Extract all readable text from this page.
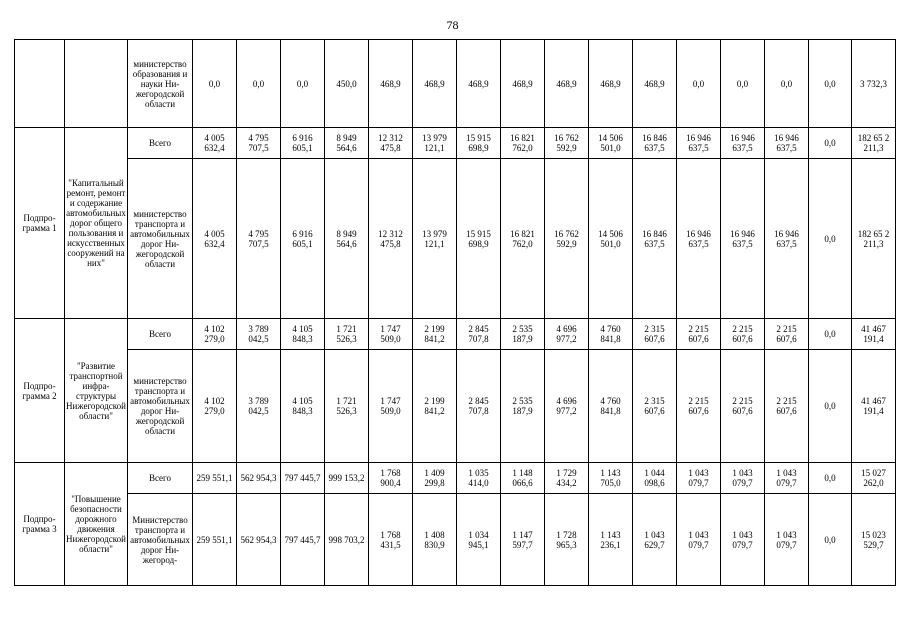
78
		министерство образования и науки Нижегородской области	0,0	0,0	0,0	450,0	468,9	468,9	468,9	468,9	468,9	468,9	468,9	0,0	0,0	0,0	0,0	3 732,3
Подпрограмма 1	"Капитальный ремонт, ремонт и содержание автомобильных дорог общего пользования и искусственных сооружений на них"	Всего	4 005 632,4	4 795 707,5	6 916 605,1	8 949 564,6	12 312 475,8	13 979 121,1	15 915 698,9	16 821 762,0	16 762 592,9	14 506 501,0	16 846 637,5	16 946 637,5	16 946 637,5	16 946 637,5	0,0	182 65 2 211,3
		министерство транспорта и автомобильных дорог Нижегородской области	4 005 632,4	4 795 707,5	6 916 605,1	8 949 564,6	12 312 475,8	13 979 121,1	15 915 698,9	16 821 762,0	16 762 592,9	14 506 501,0	16 846 637,5	16 946 637,5	16 946 637,5	16 946 637,5	0,0	182 65 2 211,3
Подпрограмма 2	"Развитие транспортной инфраструктуры Нижегородской области"	Всего	4 102 279,0	3 789 042,5	4 105 848,3	1 721 526,3	1 747 509,0	2 199 841,2	2 845 707,8	2 535 187,9	4 696 977,2	4 760 841,8	2 315 607,6	2 215 607,6	2 215 607,6	2 215 607,6	0,0	41 467 191,4
		министерство транспорта и автомобильных дорог Нижегородской области	4 102 279,0	3 789 042,5	4 105 848,3	1 721 526,3	1 747 509,0	2 199 841,2	2 845 707,8	2 535 187,9	4 696 977,2	4 760 841,8	2 315 607,6	2 215 607,6	2 215 607,6	2 215 607,6	0,0	41 467 191,4
Подпрограмма 3	"Повышение безопасности дорожного движения Нижегородской области"	Всего	259 551,1	562 954,3	797 445,7	999 153,2	1 768 900,4	1 409 299,8	1 035 414,0	1 148 066,6	1 729 434,2	1 143 705,0	1 044 098,6	1 043 079,7	1 043 079,7	1 043 079,7	0,0	15 027 262,0
		Министерство транспорта и автомобильных дорог Нижегород-	259 551,1	562 954,3	797 445,7	998 703,2	1 768 431,5	1 408 830,9	1 034 945,1	1 147 597,7	1 728 965,3	1 143 236,1	1 043 629,7	1 043 079,7	1 043 079,7	1 043 079,7	0,0	15 023 529,7
